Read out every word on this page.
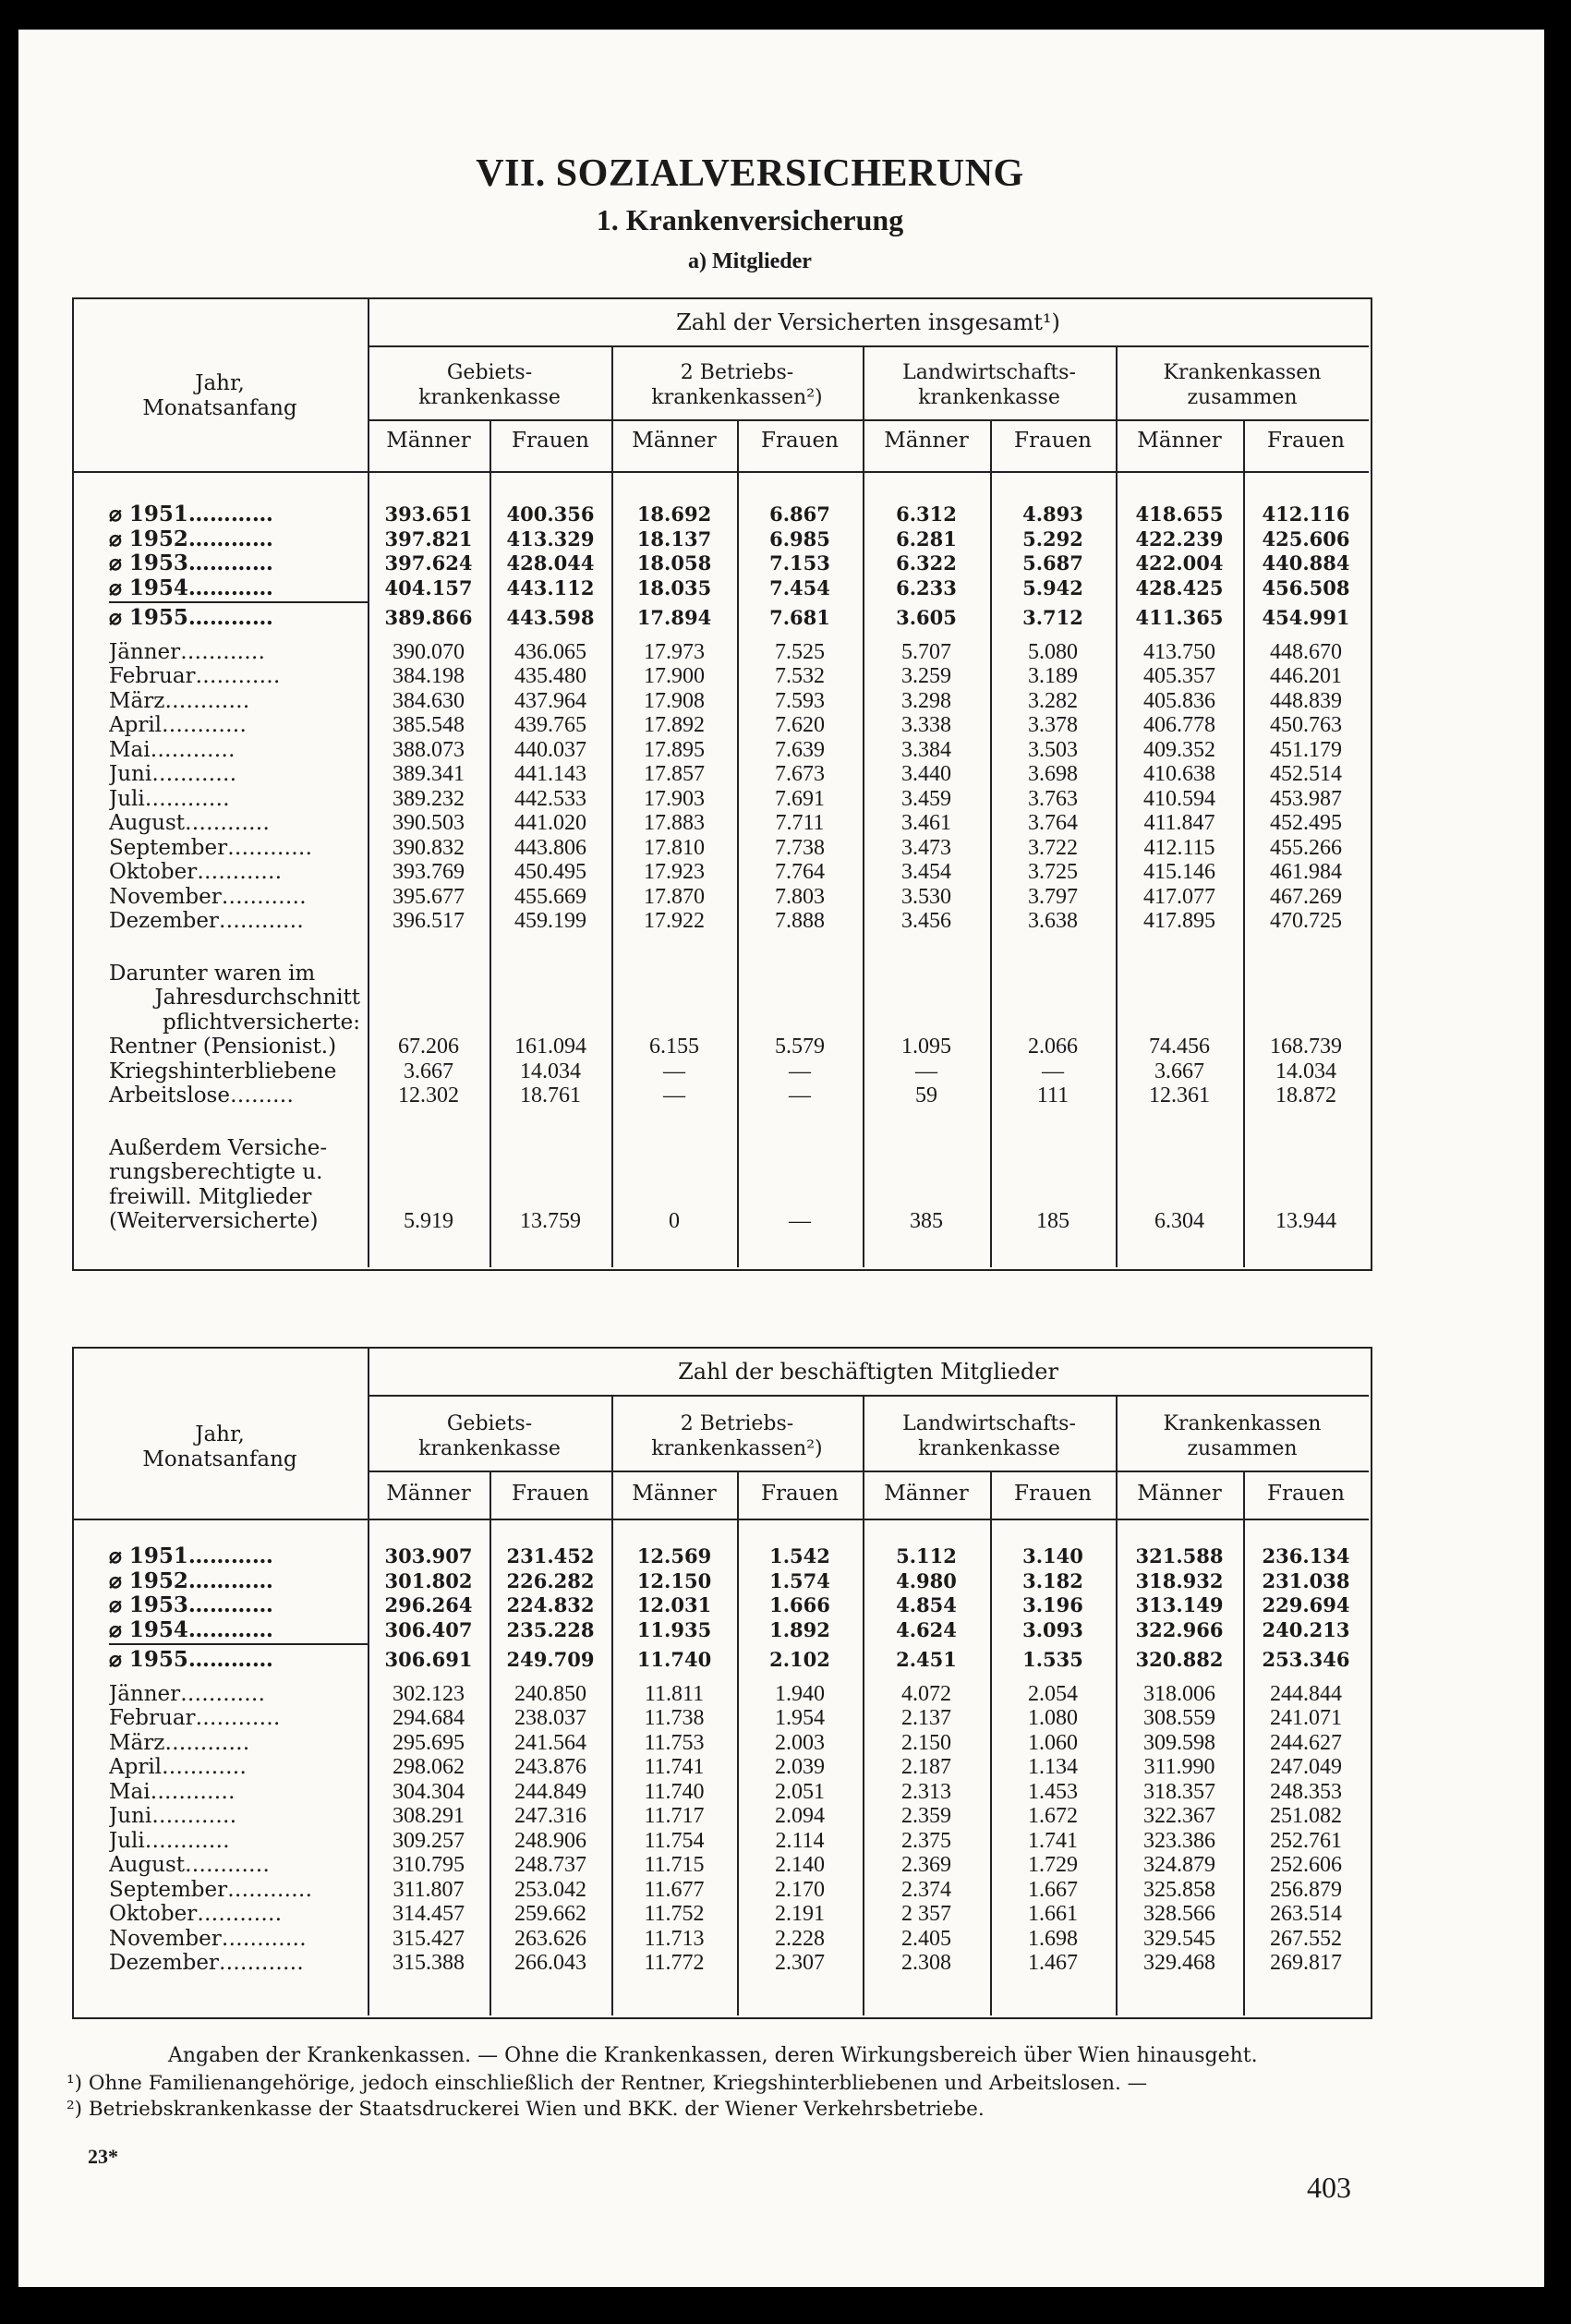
VII. SOZIALVERSICHERUNG
1. Krankenversicherung
a) Mitglieder
Zahl der Versicherten insgesamt¹)
Jahr,
Monatsanfang
Gebiets-
krankenkasse
2 Betriebs-
krankenkassen²)
Landwirtschafts-
krankenkasse
Krankenkassen
zusammen
Männer	Frauen	Männer	Frauen	Männer	Frauen	Männer	Frauen
⌀ 1951…………	393.651	400.356	18.692	6.867	6.312	4.893	418.655	412.116
⌀ 1952…………	397.821	413.329	18.137	6.985	6.281	5.292	422.239	425.606
⌀ 1953…………	397.624	428.044	18.058	7.153	6.322	5.687	422.004	440.884
⌀ 1954…………	404.157	443.112	18.035	7.454	6.233	5.942	428.425	456.508
⌀ 1955…………	389.866	443.598	17.894	7.681	3.605	3.712	411.365	454.991
Jänner…………	390.070	436.065	17.973	7.525	5.707	5.080	413.750	448.670
Februar…………	384.198	435.480	17.900	7.532	3.259	3.189	405.357	446.201
März…………	384.630	437.964	17.908	7.593	3.298	3.282	405.836	448.839
April…………	385.548	439.765	17.892	7.620	3.338	3.378	406.778	450.763
Mai…………	388.073	440.037	17.895	7.639	3.384	3.503	409.352	451.179
Juni…………	389.341	441.143	17.857	7.673	3.440	3.698	410.638	452.514
Juli…………	389.232	442.533	17.903	7.691	3.459	3.763	410.594	453.987
August…………	390.503	441.020	17.883	7.711	3.461	3.764	411.847	452.495
September…………	390.832	443.806	17.810	7.738	3.473	3.722	412.115	455.266
Oktober…………	393.769	450.495	17.923	7.764	3.454	3.725	415.146	461.984
November…………	395.677	455.669	17.870	7.803	3.530	3.797	417.077	467.269
Dezember…………	396.517	459.199	17.922	7.888	3.456	3.638	417.895	470.725
Darunter waren im
Jahresdurchschnitt
pflichtversicherte:
Rentner (Pensionist.)	67.206	161.094	6.155	5.579	1.095	2.066	74.456	168.739
Kriegshinterbliebene	3.667	14.034	—	—	—	—	3.667	14.034
Arbeitslose………	12.302	18.761	—	—	59	111	12.361	18.872
Außerdem Versiche-
rungsberechtigte u.
freiwill. Mitglieder
(Weiterversicherte)	5.919	13.759	0	—	385	185	6.304	13.944
Zahl der beschäftigten Mitglieder
Jahr,
Monatsanfang
Gebiets-
krankenkasse
2 Betriebs-
krankenkassen²)
Landwirtschafts-
krankenkasse
Krankenkassen
zusammen
Männer	Frauen	Männer	Frauen	Männer	Frauen	Männer	Frauen
⌀ 1951…………	303.907	231.452	12.569	1.542	5.112	3.140	321.588	236.134
⌀ 1952…………	301.802	226.282	12.150	1.574	4.980	3.182	318.932	231.038
⌀ 1953…………	296.264	224.832	12.031	1.666	4.854	3.196	313.149	229.694
⌀ 1954…………	306.407	235.228	11.935	1.892	4.624	3.093	322.966	240.213
⌀ 1955…………	306.691	249.709	11.740	2.102	2.451	1.535	320.882	253.346
Jänner…………	302.123	240.850	11.811	1.940	4.072	2.054	318.006	244.844
Februar…………	294.684	238.037	11.738	1.954	2.137	1.080	308.559	241.071
März…………	295.695	241.564	11.753	2.003	2.150	1.060	309.598	244.627
April…………	298.062	243.876	11.741	2.039	2.187	1.134	311.990	247.049
Mai…………	304.304	244.849	11.740	2.051	2.313	1.453	318.357	248.353
Juni…………	308.291	247.316	11.717	2.094	2.359	1.672	322.367	251.082
Juli…………	309.257	248.906	11.754	2.114	2.375	1.741	323.386	252.761
August…………	310.795	248.737	11.715	2.140	2.369	1.729	324.879	252.606
September…………	311.807	253.042	11.677	2.170	2.374	1.667	325.858	256.879
Oktober…………	314.457	259.662	11.752	2.191	2 357	1.661	328.566	263.514
November…………	315.427	263.626	11.713	2.228	2.405	1.698	329.545	267.552
Dezember…………	315.388	266.043	11.772	2.307	2.308	1.467	329.468	269.817
Angaben der Krankenkassen. — Ohne die Krankenkassen, deren Wirkungsbereich über Wien hinausgeht.
¹) Ohne Familienangehörige, jedoch einschließlich der Rentner, Kriegshinterbliebenen und Arbeitslosen. —
²) Betriebskrankenkasse der Staatsdruckerei Wien und BKK. der Wiener Verkehrsbetriebe.
23*
403
